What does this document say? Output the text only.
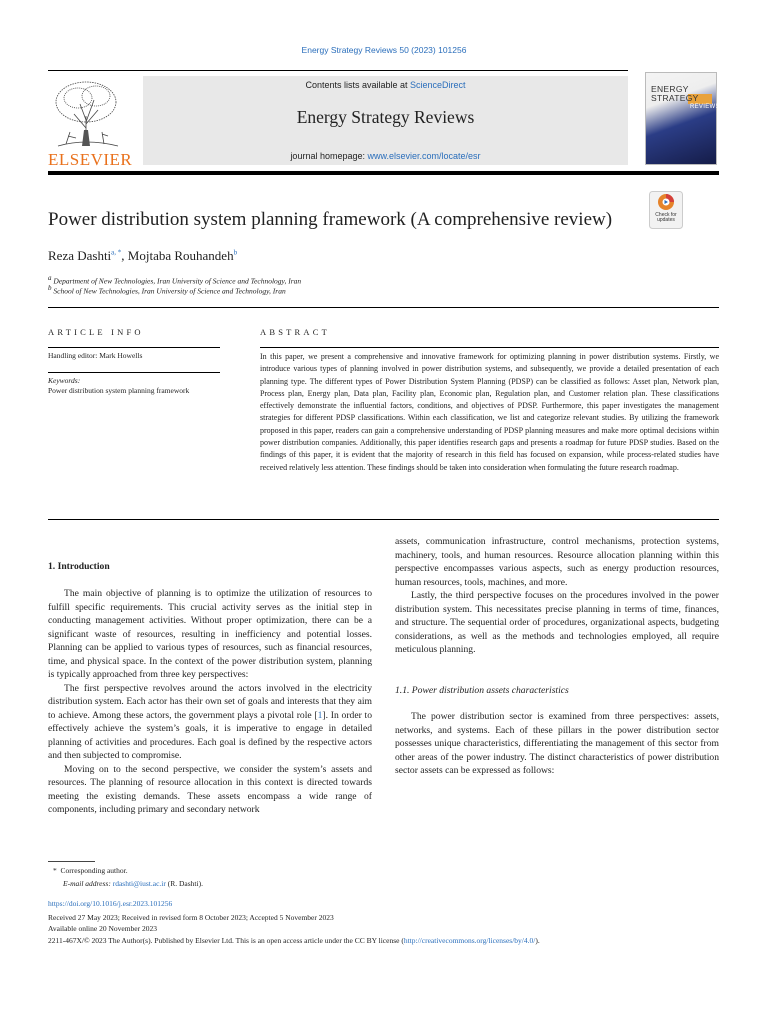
Energy Strategy Reviews 50 (2023) 101256
ELSEVIER
Contents lists available at ScienceDirect
Energy Strategy Reviews
journal homepage: www.elsevier.com/locate/esr
ENERGY
STRATEGY
REVIEWS
Power distribution system planning framework (A comprehensive review)	Check for updates
Reza Dashti$^{a, *}$, Mojtaba Rouhandeh$^b$
$^a$ Department of New Technologies, Iran University of Science and Technology, Iran
$^b$ School of New Technologies, Iran University of Science and Technology, Iran
ARTICLE INFO	ABSTRACT
Handling editor: Mark Howells
Keywords:
Power distribution system planning framework
In this paper, we present a comprehensive and innovative framework for optimizing planning in power distribution systems. Firstly, we introduce various types of planning involved in power distribution systems, and subsequently, we provide a detailed presentation of each planning type. The different types of Power Distribution System Planning (PDSP) can be classified as follows: Asset plan, Network plan, Process plan, Energy plan, Data plan, Facility plan, Economic plan, Regulation plan, and Customer relation plan. These classifications effectively demonstrate the influential factors, conditions, and objectives of PDSP. Furthermore, this paper investigates the management strategies for different PDSP classifications. Within each classification, we list and categorize relevant studies. By utilizing the framework proposed in this paper, readers can gain a comprehensive understanding of PDSP planning measures and make more optimal decisions within power distribution companies. Additionally, this paper identifies research gaps and presents a roadmap for future PDSP studies. Based on the findings of this paper, it is evident that the majority of research in this field has focused on expansion, while process-related studies have received relatively less attention. These findings should be taken into consideration when formulating the future research roadmap.
1. Introduction

The main objective of planning is to optimize the utilization of resources to fulfill specific requirements. This crucial activity serves as the initial step in conducting management activities. Without proper optimization, there can be a significant waste of resources, resulting in inefficiency and potential losses. Planning can be applied to various types of resources, such as financial resources, time, and physical space. In the context of the power distribution system, planning is typically approached from three key perspectives:

The first perspective revolves around the actors involved in the electricity distribution system. Each actor has their own set of goals and interests that they aim to achieve. Among these actors, the government plays a pivotal role [1]. In order to effectively achieve the system’s goals, it is imperative to engage in detailed planning of activities and procedures. Each goal is defined by the respective actors and then subjected to compromise.

Moving on to the second perspective, we consider the system’s assets and resources. The planning of resource allocation in this context is directed towards meeting the existing demands. These assets encompass a wide range of components, including primary and secondary network

assets, communication infrastructure, control mechanisms, protection systems, machinery, tools, and human resources. Resource allocation planning within this perspective encompasses various aspects, such as energy production resources, human resources, tools, machines, and more.

Lastly, the third perspective focuses on the procedures involved in the power distribution system. This necessitates precise planning in terms of time, finances, and structure. The sequential order of procedures, organizational aspects, budgeting considerations, as well as the methods and technologies employed, all require meticulous planning.

1.1. Power distribution assets characteristics

The power distribution sector is examined from three perspectives: assets, networks, and systems. Each of these pillars in the power distribution sector possesses unique characteristics, differentiating the management of this sector from other areas of the power industry. The distinct characteristics of power distribution sector assets can be expressed as follows:

* Corresponding author.
E-mail address: rdashti@iust.ac.ir (R. Dashti).
https://doi.org/10.1016/j.esr.2023.101256
Received 27 May 2023; Received in revised form 8 October 2023; Accepted 5 November 2023
Available online 20 November 2023
2211-467X/© 2023 The Author(s). Published by Elsevier Ltd. This is an open access article under the CC BY license (http://creativecommons.org/licenses/by/4.0/).
